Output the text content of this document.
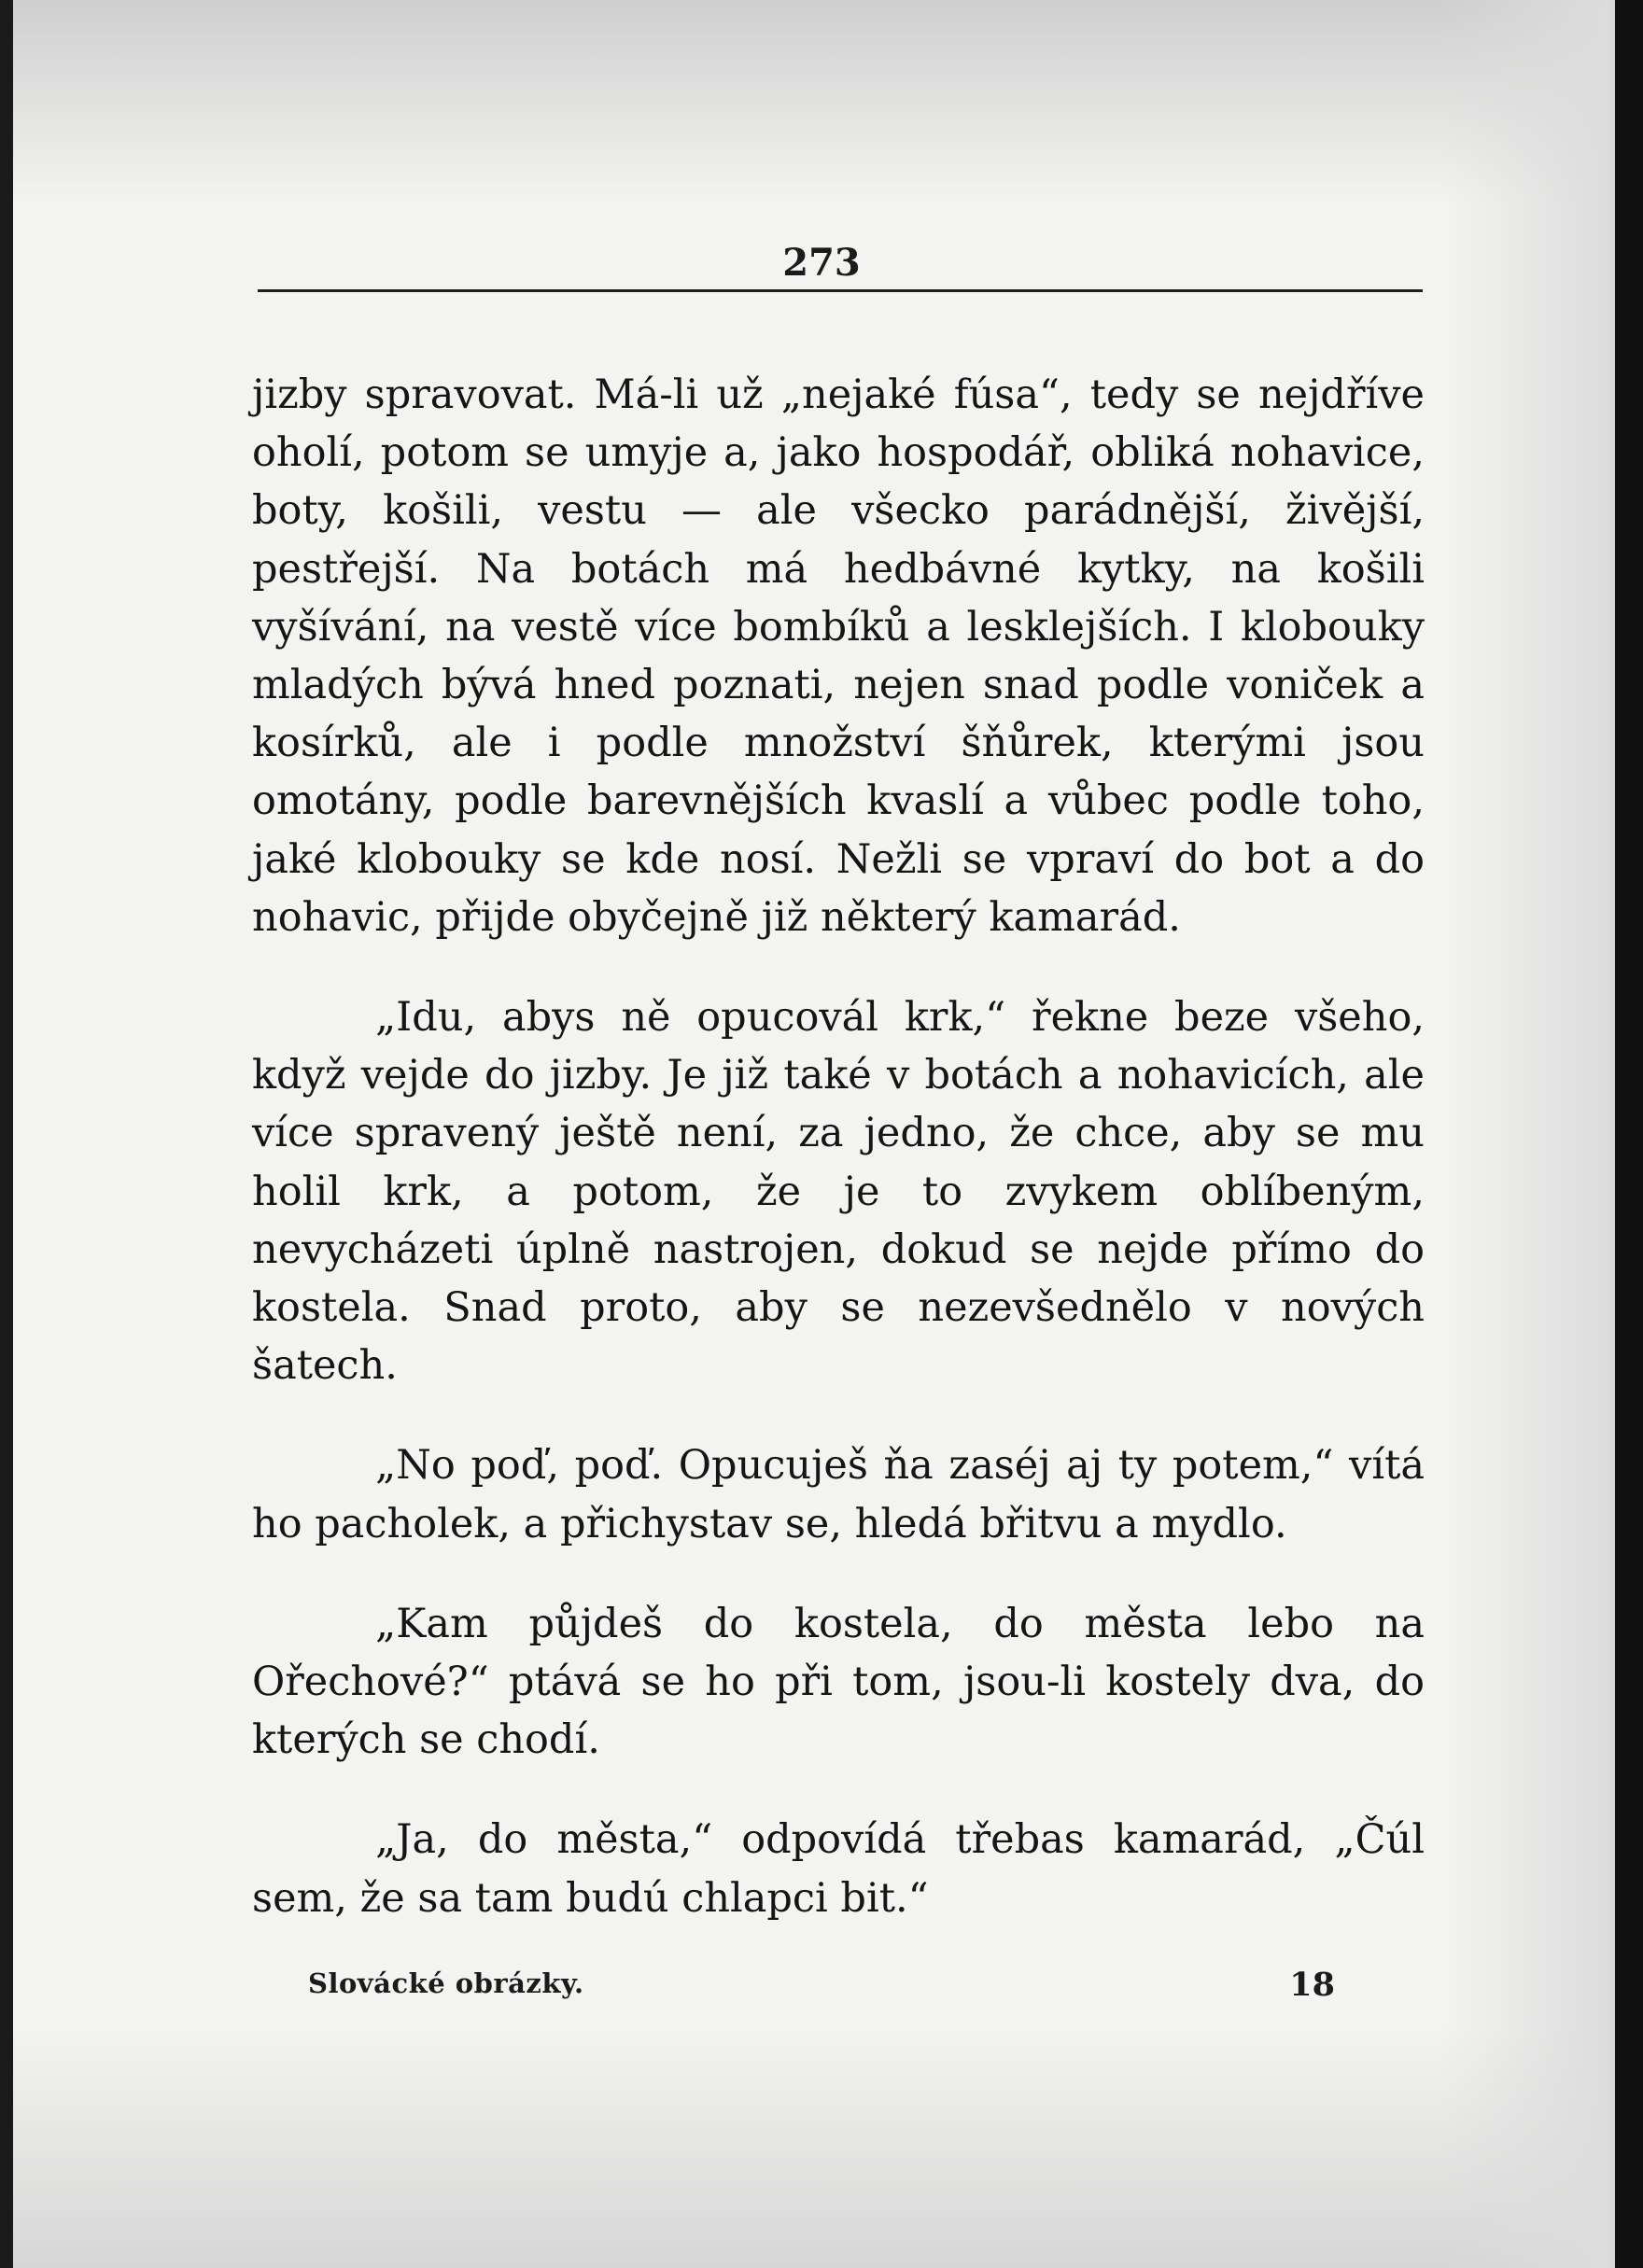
273

jizby spravovat. Má-li už „nejaké fúsa“, tedy se nejdříve oholí, potom se umyje a, jako hospodář, obliká nohavice, boty, košili, vestu — ale všecko parádnější, živější, pestřejší. Na botách má hedbávné kytky, na košili vyšívání, na vestě více bombíků a lesklejších. I klobouky mladých bývá hned poznati, nejen snad podle voniček a kosírků, ale i podle množství šňůrek, kterými jsou omotány, podle barevnějších kvaslí a vůbec podle toho, jaké klobouky se kde nosí. Nežli se vpraví do bot a do nohavic, přijde obyčejně již některý kamarád.

„Idu, abys ně opucovál krk,“ řekne beze všeho, když vejde do jizby. Je již také v botách a nohavicích, ale více spravený ještě není, za jedno, že chce, aby se mu holil krk, a potom, že je to zvykem oblíbeným, nevycházeti úplně nastrojen, dokud se nejde přímo do kostela. Snad proto, aby se nezevšednělo v nových šatech.

„No poď, poď. Opucuješ ňa zaséj aj ty potem,“ vítá ho pacholek, a přichystav se, hledá břitvu a mydlo.

„Kam půjdeš do kostela, do města lebo na Ořechové?“ ptává se ho při tom, jsou-li kostely dva, do kterých se chodí.

„Ja, do města,“ odpovídá třebas kamarád, „Čúl sem, že sa tam budú chlapci bit.“

Slovácké obrázky.	18
